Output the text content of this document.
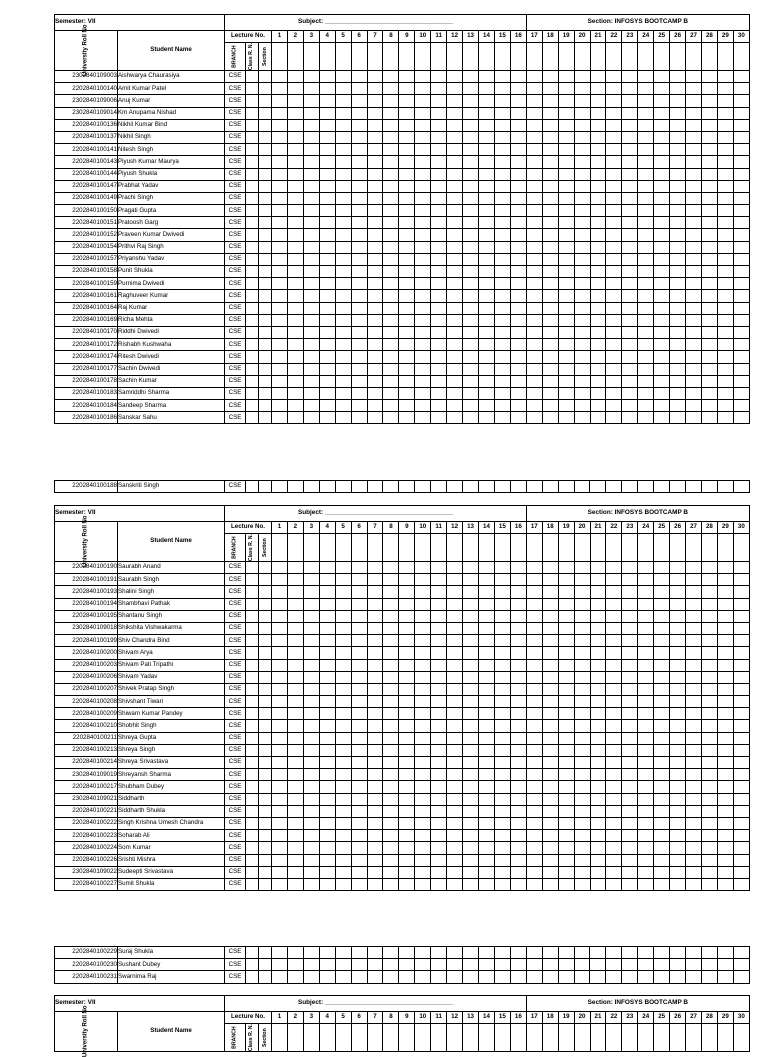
Semester: VII		Subject: ____________________________________																			Section: INFOSYS BOOTCAMP B													

University Roll No	Student Name	Lecture No.			1	2	3	4	5	6	7	8	9	10	11	12	13	14	15	16	17	18	19	20	21	22	23	24	25	26	27	28	29	30

		BRANCH	Class R. N.	Section																														

2302840109003	Aishwarya Chaurasiya	CSE																																
2202840100140	Amit Kumar Patel	CSE																																
2302840109006	Anuj Kumar	CSE																																
2302840109014	Km Anupama Nishad	CSE																																
2202840100136	Nikhil Kumar Bind	CSE																																
2202840100137	Nikhil Singh	CSE																																
2202840100141	Nitesh Singh	CSE																																
2202840100143	Piyush Kumar Maurya	CSE																																
2202840100144	Piyush Shukla	CSE																																
2202840100147	Prabhat Yadav	CSE																																
2202840100149	Prachi Singh	CSE																																
2202840100150	Pragati Gupta	CSE																																
2202840100151	Pratoosh Garg	CSE																																
2202840100152	Praveen Kumar Dwivedi	CSE																																
2202840100154	Prithvi Raj Singh	CSE																																
2202840100157	Priyanshu Yadav	CSE																																
2202840100158	Punit Shukla	CSE																																
2202840100159	Purnima Dwivedi	CSE																																
2202840100161	Raghuveer Kumar	CSE																																
2202840100164	Raj Kumar	CSE																																
2202840100169	Richa Mehta	CSE																																
2202840100170	Riddhi Dwivedi	CSE																																
2202840100172	Rishabh Kushwaha	CSE																																
2202840100174	Ritesh Dwivedi	CSE																																
2202840100177	Sachin Dwivedi	CSE																																
2202840100178	Sachin Kumar	CSE																																
2202840100183	Samriddhi Sharma	CSE																																
2202840100184	Sandeep Sharma	CSE																																
2202840100186	Sanskar Sahu	CSE																																
2202840100188	Sanskriti Singh	CSE																																
Semester: VII		Subject: ____________________________________																			Section: INFOSYS BOOTCAMP B													

University Roll No	Student Name	Lecture No.			1	2	3	4	5	6	7	8	9	10	11	12	13	14	15	16	17	18	19	20	21	22	23	24	25	26	27	28	29	30

		BRANCH	Class R. N.	Section																														

2202840100190	Saurabh Anand	CSE																																
2202840100191	Saurabh Singh	CSE																																
2202840100193	Shalini Singh	CSE																																
2202840100194	Shambhavi Pathak	CSE																																
2202840100195	Shantanu Singh	CSE																																
2302840109018	Shikshita Vishwakarma	CSE																																
2202840100199	Shiv Chandra Bind	CSE																																
2202840100200	Shivam Arya	CSE																																
2202840100203	Shivam Pati Tripathi	CSE																																
2202840100206	Shivam Yadav	CSE																																
2202840100207	Shivek Pratap Singh	CSE																																
2202840100208	Shivshant Tiwari	CSE																																
2202840100209	Shiwam Kumar Pandey	CSE																																
2202840100210	Shobhit Singh	CSE																																
2202840100211	Shreya Gupta	CSE																																
2202840100213	Shreya Singh	CSE																																
2202840100214	Shreya Srivastava	CSE																																
2302840109019	Shreyansh Sharma	CSE																																
2202840100217	Shubham Dubey	CSE																																
2302840109021	Siddharth	CSE																																
2202840100221	Siddharth Shukla	CSE																																
2202840100222	Singh Krishna Umesh Chandra	CSE																																
2202840100223	Soharab Ali	CSE																																
2202840100224	Som Kumar	CSE																																
2202840100226	Srishti Mishra	CSE																																
2302840109022	Sudeepti Srivastava	CSE																																
2202840100227	Sumit Shukla	CSE																																
2202840100229	Suraj Shukla	CSE																																
2202840100230	Sushant Dubey	CSE																																
2202840100231	Swarnima Raj	CSE																																
Semester: VII		Subject: ____________________________________																			Section: INFOSYS BOOTCAMP B													

University Roll No	Student Name	Lecture No.			1	2	3	4	5	6	7	8	9	10	11	12	13	14	15	16	17	18	19	20	21	22	23	24	25	26	27	28	29	30

		BRANCH	Class R. N.	Section																														
